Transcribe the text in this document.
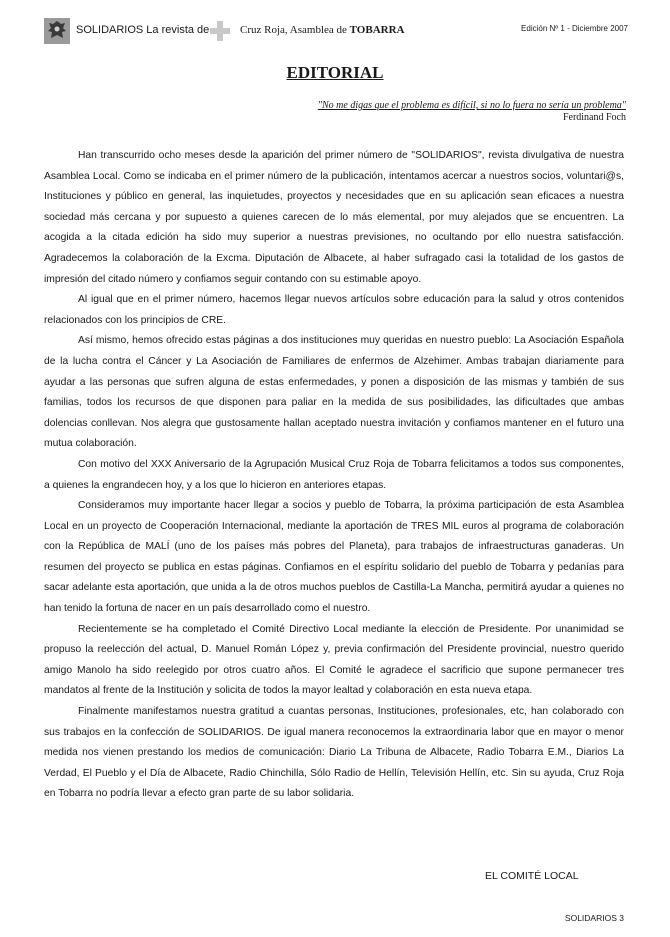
SOLIDARIOS La revista de	Cruz Roja, Asamblea de TOBARRA	Edición Nº 1 - Diciembre 2007
EDITORIAL
"No me digas que el problema es difícil, si no lo fuera no sería un problema"
Ferdinand Foch

Han transcurrido ocho meses desde la aparición del primer número de "SOLIDARIOS", revista divulgativa de nuestra Asamblea Local. Como se indicaba en el primer número de la publicación, intentamos acercar a nuestros socios, voluntari@s, Instituciones y público en general, las inquietudes, proyectos y necesidades que en su aplicación sean eficaces a nuestra sociedad más cercana y por supuesto a quienes carecen de lo más elemental, por muy alejados que se encuentren. La acogida a la citada edición ha sido muy superior a nuestras previsiones, no ocultando por ello nuestra satisfacción. Agradecemos la colaboración de la Excma. Diputación de Albacete, al haber sufragado casi la totalidad de los gastos de impresión del citado número y confiamos seguir contando con su estimable apoyo.

Al igual que en el primer número, hacemos llegar nuevos artículos sobre educación para la salud y otros contenidos relacionados con los principios de CRE.

Así mismo, hemos ofrecido estas páginas a dos instituciones muy queridas en nuestro pueblo: La Asociación Española de la lucha contra el Cáncer y La Asociación de Familiares de enfermos de Alzehimer. Ambas trabajan diariamente para ayudar a las personas que sufren alguna de estas enfermedades, y ponen a disposición de las mismas y también de sus familias, todos los recursos de que disponen para paliar en la medida de sus posibilidades, las dificultades que ambas dolencias conllevan. Nos alegra que gustosamente hallan aceptado nuestra invitación y confiamos mantener en el futuro una mutua colaboración.

Con motivo del XXX Aniversario de la Agrupación Musical Cruz Roja de Tobarra felicitamos a todos sus componentes, a quienes la engrandecen hoy, y a los que lo hicieron en anteriores etapas.

Consideramos muy importante hacer llegar a socios y pueblo de Tobarra, la próxima participación de esta Asamblea Local en un proyecto de Cooperación Internacional, mediante la aportación de TRES MIL euros al programa de colaboración con la República de MALÍ (uno de los países más pobres del Planeta), para trabajos de infraestructuras ganaderas. Un resumen del proyecto se publica en estas páginas. Confiamos en el espíritu solidario del pueblo de Tobarra y pedanías para sacar adelante esta aportación, que unida a la de otros muchos pueblos de Castilla-La Mancha, permitirá ayudar a quienes no han tenido la fortuna de nacer en un país desarrollado como el nuestro.

Recientemente se ha completado el Comité Directivo Local mediante la elección de Presidente. Por unanimidad se propuso la reelección del actual, D. Manuel Román López y, previa confirmación del Presidente provincial, nuestro querido amigo Manolo ha sido reelegido por otros cuatro años. El Comité le agradece el sacrificio que supone permanecer tres mandatos al frente de la Institución y solicita de todos la mayor lealtad y colaboración en esta nueva etapa.

Finalmente manifestamos nuestra gratitud a cuantas personas, Instituciones, profesionales, etc, han colaborado con sus trabajos en la confección de SOLIDARIOS. De igual manera reconocemos la extraordinaria labor que en mayor o menor medida nos vienen prestando los medios de comunicación: Diario La Tribuna de Albacete, Radio Tobarra E.M., Diarios La Verdad, El Pueblo y el Día de Albacete, Radio Chinchilla, Sólo Radio de Hellín, Televisión Hellín, etc. Sin su ayuda, Cruz Roja en Tobarra no podría llevar a efecto gran parte de su labor solidaria.

EL COMITÉ LOCAL
SOLIDARIOS 3
